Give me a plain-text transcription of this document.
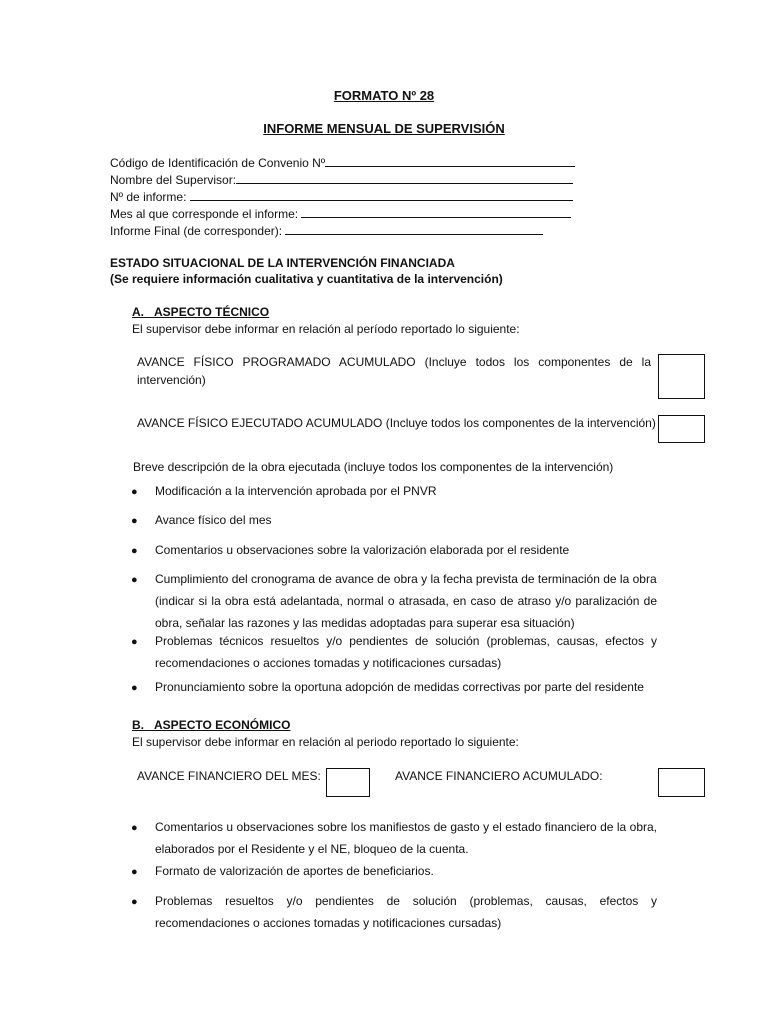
FORMATO Nº 28
INFORME MENSUAL DE SUPERVISIÓN
Código de Identificación de Convenio Nº
Nombre del Supervisor:
Nº de informe:
Mes al que corresponde el informe:
Informe Final (de corresponder):
ESTADO SITUACIONAL DE LA INTERVENCIÓN FINANCIADA
(Se requiere información cualitativa y cuantitativa de la intervención)
A. ASPECTO TÉCNICO
El supervisor debe informar en relación al período reportado lo siguiente:
AVANCE FÍSICO PROGRAMADO ACUMULADO (Incluye todos los componentes de la
intervención)
AVANCE FÍSICO EJECUTADO ACUMULADO (Incluye todos los componentes de la intervención)
Breve descripción de la obra ejecutada (incluye todos los componentes de la intervención)
● Modificación a la intervención aprobada por el PNVR
● Avance físico del mes
● Comentarios u observaciones sobre la valorización elaborada por el residente
● Cumplimiento del cronograma de avance de obra y la fecha prevista de terminación de la obra
(indicar si la obra está adelantada, normal o atrasada, en caso de atraso y/o paralización de obra, señalar las razones y las medidas adoptadas para superar esa situación)
● Problemas técnicos resueltos y/o pendientes de solución (problemas, causas, efectos y recomendaciones o acciones tomadas y notificaciones cursadas)
● Pronunciamiento sobre la oportuna adopción de medidas correctivas por parte del residente
B. ASPECTO ECONÓMICO
El supervisor debe informar en relación al periodo reportado lo siguiente:
AVANCE FINANCIERO DEL MES:	AVANCE FINANCIERO ACUMULADO:
● Comentarios u observaciones sobre los manifiestos de gasto y el estado financiero de la obra, elaborados por el Residente y el NE, bloqueo de la cuenta.
● Formato de valorización de aportes de beneficiarios.
● Problemas resueltos y/o pendientes de solución (problemas, causas, efectos y recomendaciones o acciones tomadas y notificaciones cursadas)
